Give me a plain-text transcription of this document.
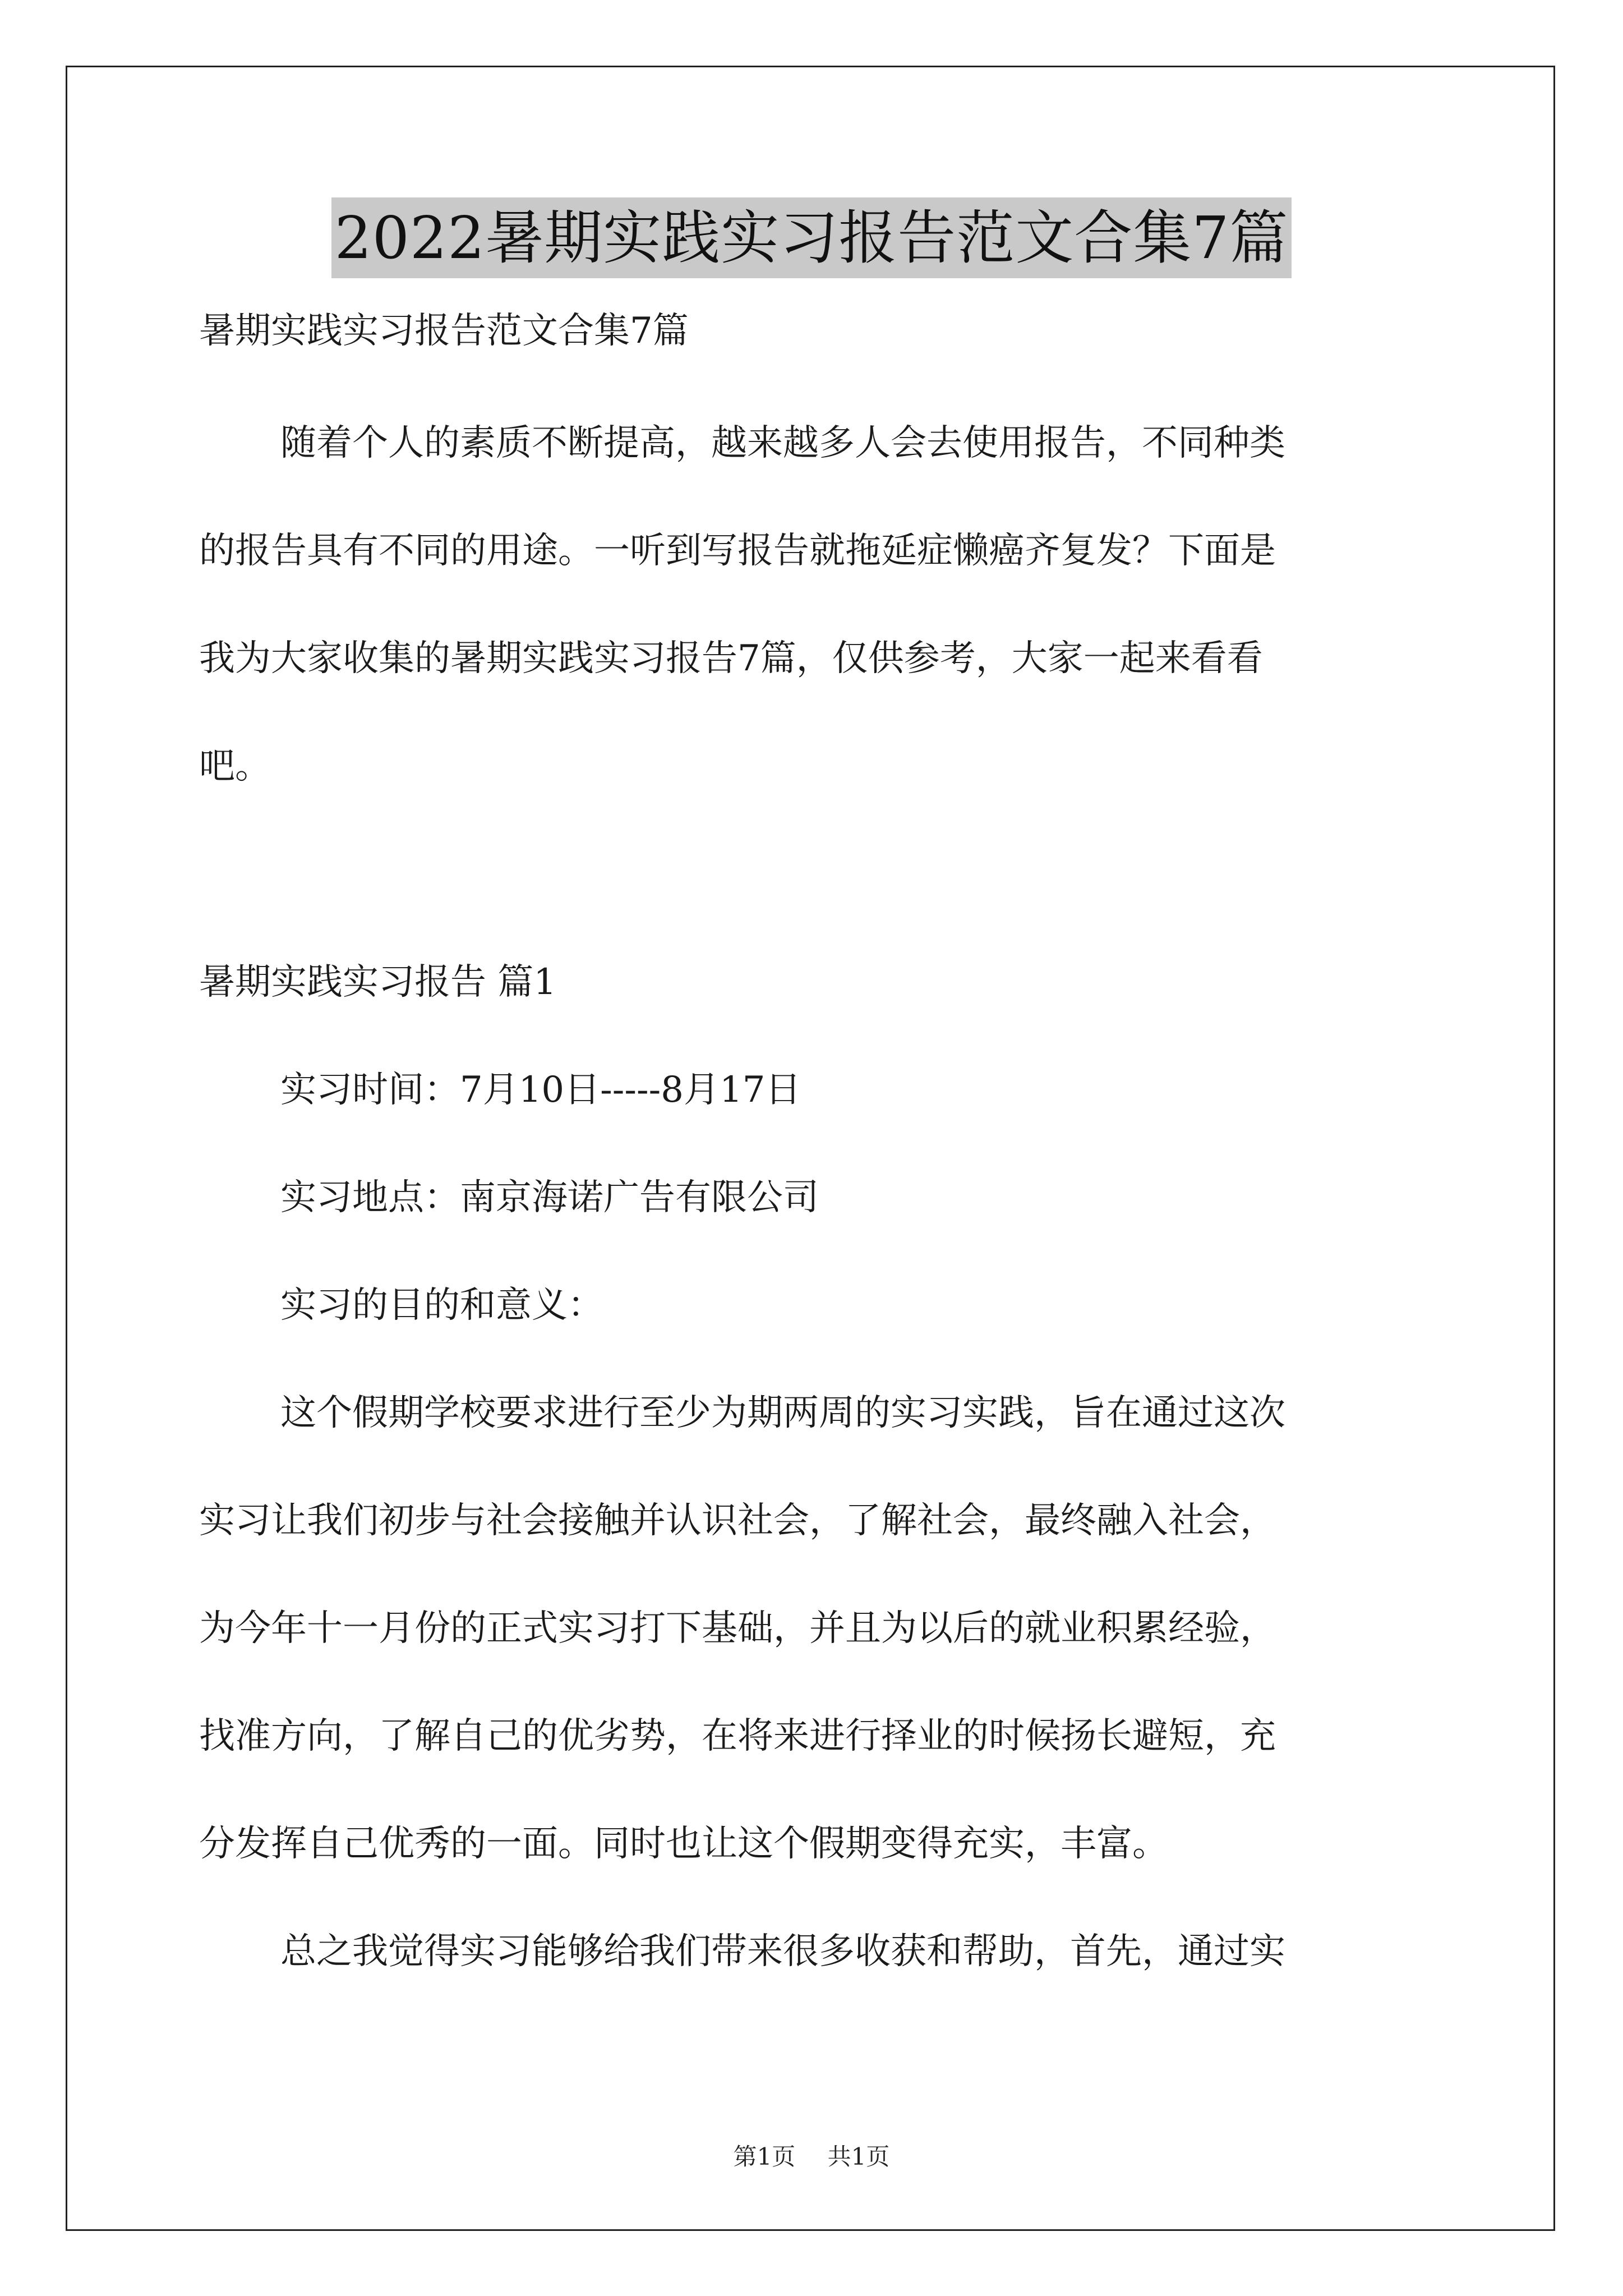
2022暑期实践实习报告范文合集7篇
暑期实践实习报告范文合集7篇
随着个人的素质不断提高，越来越多人会去使用报告，不同种类
的报告具有不同的用途。一听到写报告就拖延症懒癌齐复发？下面是
我为大家收集的暑期实践实习报告7篇，仅供参考，大家一起来看看
吧。
暑期实践实习报告 篇1
实习时间：7月10日-----8月17日
实习地点：南京海诺广告有限公司
实习的目的和意义：
这个假期学校要求进行至少为期两周的实习实践，旨在通过这次
实习让我们初步与社会接触并认识社会，了解社会，最终融入社会，
为今年十一月份的正式实习打下基础，并且为以后的就业积累经验，
找准方向，了解自己的优劣势，在将来进行择业的时候扬长避短，充
分发挥自己优秀的一面。同时也让这个假期变得充实，丰富。
总之我觉得实习能够给我们带来很多收获和帮助，首先，通过实
第1页 共1页
